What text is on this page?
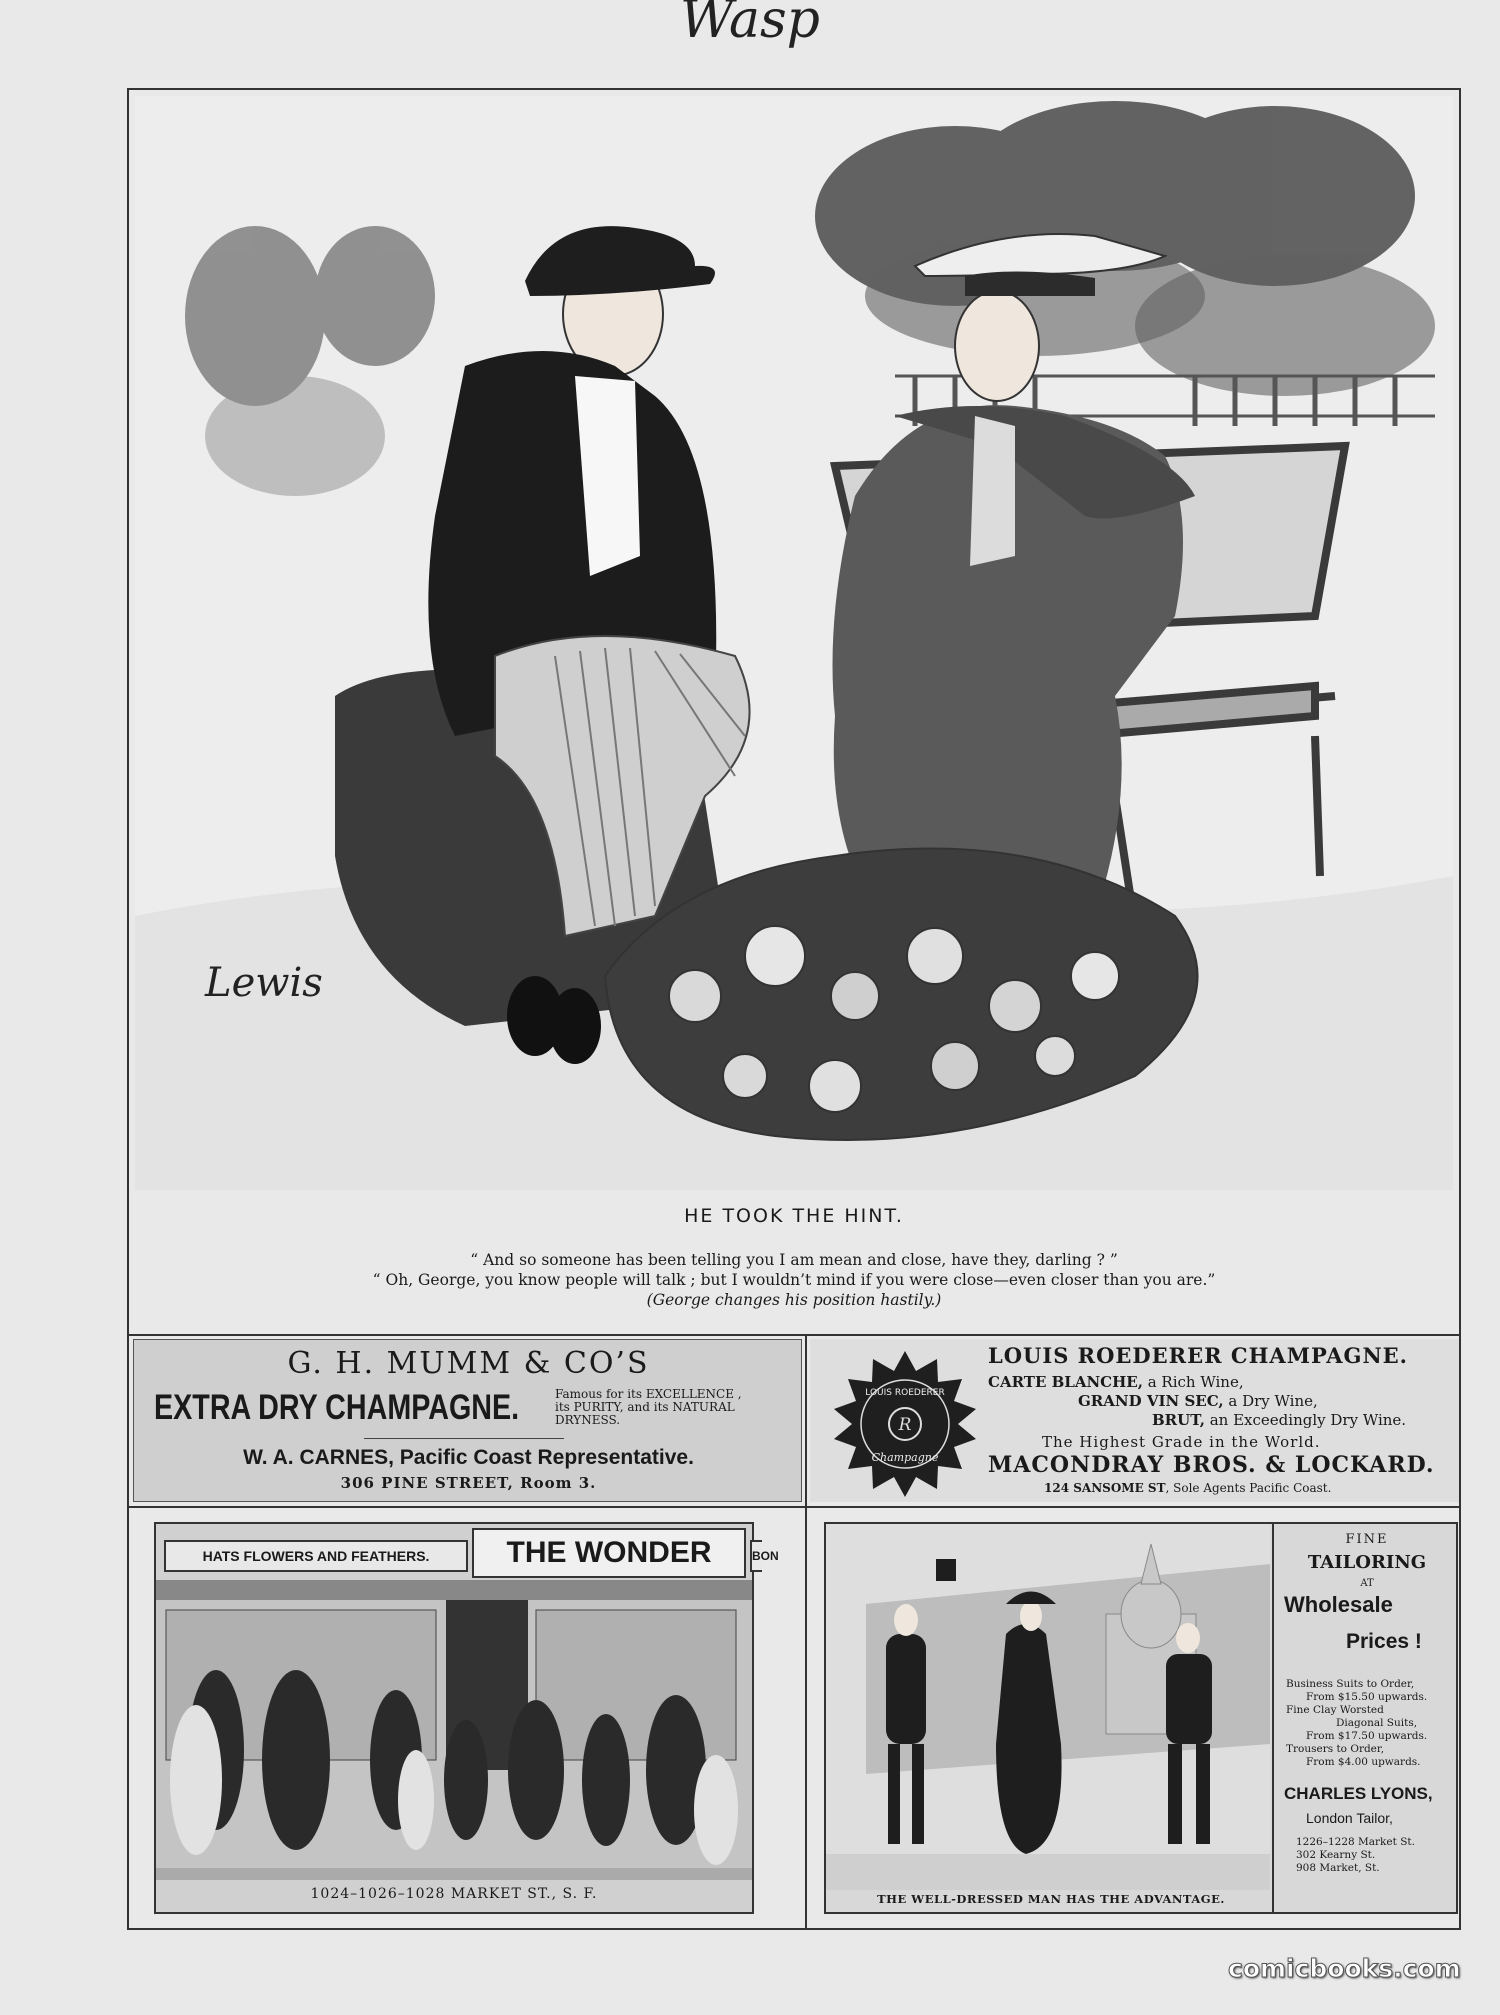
Wasp
Lewis
HE TOOK THE HINT.
“ And so someone has been telling you I am mean and close, have they, darling ? ”
“ Oh, George, you know people will talk ; but I wouldn’t mind if you were close—even closer than you are.”
(George changes his position hastily.)
G. H. MUMM & CO’S
EXTRA DRY CHAMPAGNE.	Famous for its EXCELLENCE ,
its PURITY, and its NATURAL
DRYNESS.
W. A. CARNES, Pacific Coast Representative.
306 PINE STREET, Room 3.
R
LOUIS ROEDERER
Champagne
LOUIS ROEDERER CHAMPAGNE.
CARTE BLANCHE, a Rich Wine,
GRAND VIN SEC, a Dry Wine,
BRUT, an Exceedingly Dry Wine.
The Highest Grade in the World.
MACONDRAY BROS. & LOCKARD.
124 SANSOME ST, Sole Agents Pacific Coast.
HATS FLOWERS AND FEATHERS.	THE WONDER	BON
1024–1026–1028 MARKET ST., S. F.	THE WELL-DRESSED MAN HAS THE ADVANTAGE.
FINE
TAILORING
AT
Wholesale
Prices !
Business Suits to Order,
From $15.50 upwards.
Fine Clay Worsted
Diagonal Suits,
From $17.50 upwards.
Trousers to Order,
From $4.00 upwards.
CHARLES LYONS,
London Tailor,
1226–1228 Market St.
302 Kearny St.
908 Market, St.
comicbooks.com
